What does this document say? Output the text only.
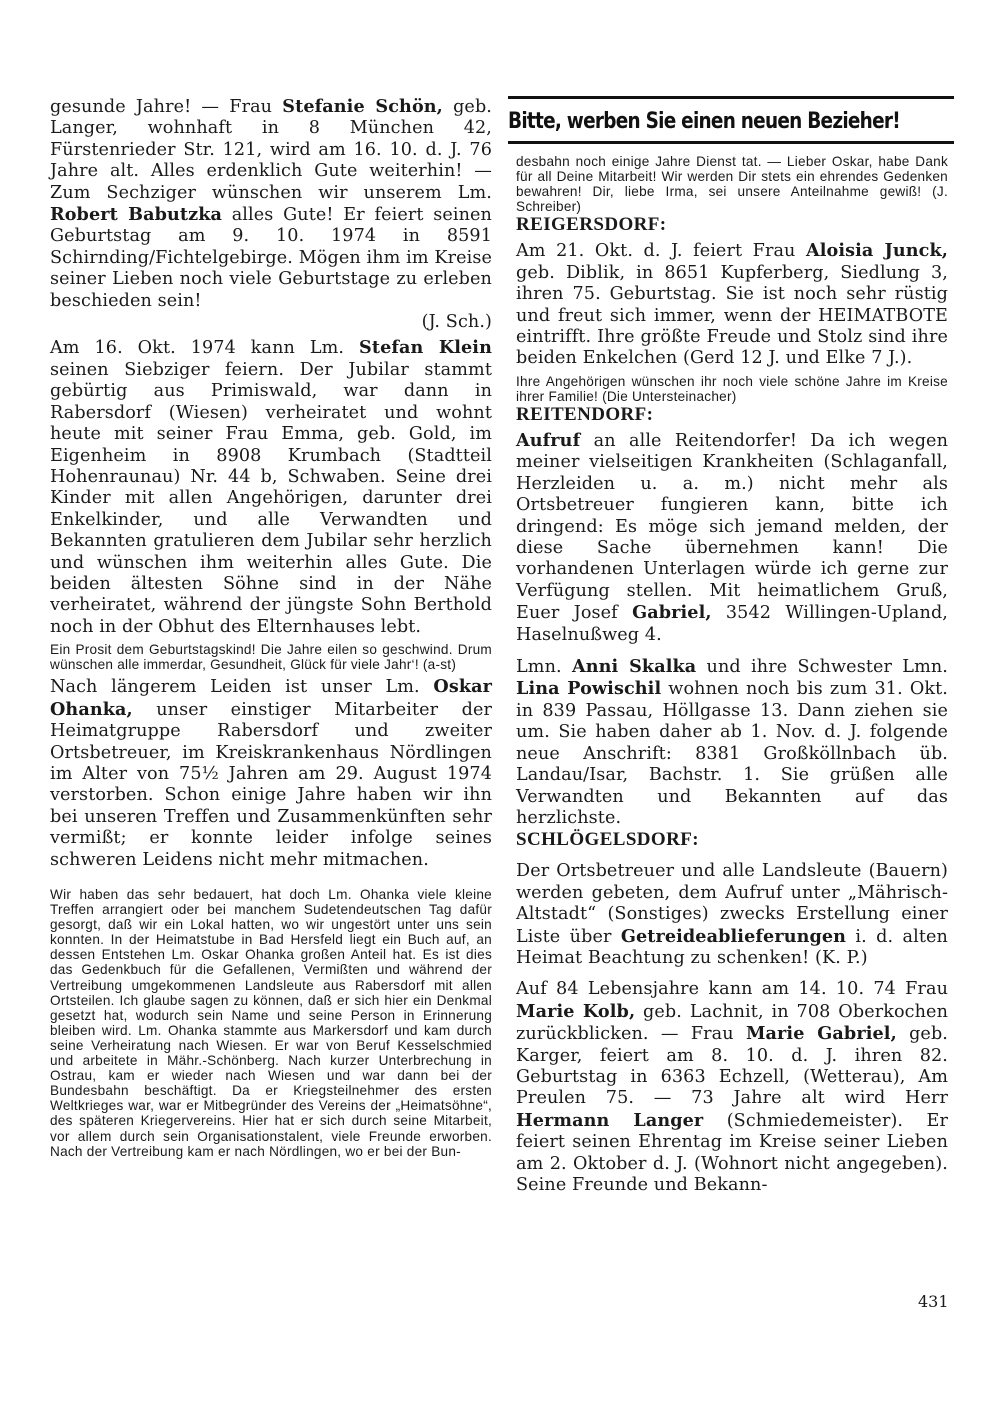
gesunde Jahre! — Frau Stefanie Schön, geb. Langer, wohnhaft in 8 München 42, Fürstenrieder Str. 121, wird am 16. 10. d. J. 76 Jahre alt. Alles erdenklich Gute weiterhin! — Zum Sechziger wünschen wir unserem Lm. Robert Babutzka alles Gute! Er feiert seinen Geburtstag am 9. 10. 1974 in 8591 Schirnding/Fichtelgebirge. Mögen ihm im Kreise seiner Lieben noch viele Geburtstage zu erleben beschieden sein!

(J. Sch.)

Am 16. Okt. 1974 kann Lm. Stefan Klein seinen Siebziger feiern. Der Jubilar stammt gebürtig aus Primiswald, war dann in Rabersdorf (Wiesen) verheiratet und wohnt heute mit seiner Frau Emma, geb. Gold, im Eigenheim in 8908 Krumbach (Stadtteil Hohenraunau) Nr. 44 b, Schwaben. Seine drei Kinder mit allen Angehörigen, darunter drei Enkelkinder, und alle Verwandten und Bekannten gratulieren dem Jubilar sehr herzlich und wünschen ihm weiterhin alles Gute. Die beiden ältesten Söhne sind in der Nähe verheiratet, während der jüngste Sohn Berthold noch in der Obhut des Elternhauses lebt.

Ein Prosit dem Geburtstagskind! Die Jahre eilen so geschwind. Drum wünschen alle immerdar, Gesundheit, Glück für viele Jahr‘! (a-st)

Nach längerem Leiden ist unser Lm. Oskar Ohanka, unser einstiger Mitarbeiter der Heimatgruppe Rabersdorf und zweiter Ortsbetreuer, im Kreiskrankenhaus Nördlingen im Alter von 75½ Jahren am 29. August 1974 verstorben. Schon einige Jahre haben wir ihn bei unseren Treffen und Zusammenkünften sehr vermißt; er konnte leider infolge seines schweren Leidens nicht mehr mitmachen.

Wir haben das sehr bedauert, hat doch Lm. Ohanka viele kleine Treffen arrangiert oder bei manchem Sudetendeutschen Tag dafür gesorgt, daß wir ein Lokal hatten, wo wir ungestört unter uns sein konnten. In der Heimatstube in Bad Hersfeld liegt ein Buch auf, an dessen Entstehen Lm. Oskar Ohanka großen Anteil hat. Es ist dies das Gedenkbuch für die Gefallenen, Vermißten und während der Vertreibung umgekommenen Landsleute aus Rabersdorf mit allen Ortsteilen. Ich glaube sagen zu können, daß er sich hier ein Denkmal gesetzt hat, wodurch sein Name und seine Person in Erinnerung bleiben wird. Lm. Ohanka stammte aus Markersdorf und kam durch seine Verheiratung nach Wiesen. Er war von Beruf Kesselschmied und arbeitete in Mähr.-Schönberg. Nach kurzer Unterbrechung in Ostrau, kam er wieder nach Wiesen und war dann bei der Bundesbahn beschäftigt. Da er Kriegsteilnehmer des ersten Weltkrieges war, war er Mitbegründer des Vereins der „Heimatsöhne“, des späteren Kriegervereins. Hier hat er sich durch seine Mitarbeit, vor allem durch sein Organisationstalent, viele Freunde erworben. Nach der Vertreibung kam er nach Nördlingen, wo er bei der Bun-

Bitte, werben Sie einen neuen Bezieher!

desbahn noch einige Jahre Dienst tat. — Lieber Oskar, habe Dank für all Deine Mitarbeit! Wir werden Dir stets ein ehrendes Gedenken bewahren! Dir, liebe Irma, sei unsere Anteilnahme gewiß! (J. Schreiber)

REIGERSDORF:

Am 21. Okt. d. J. feiert Frau Aloisia Junck, geb. Diblik, in 8651 Kupferberg, Siedlung 3, ihren 75. Geburtstag. Sie ist noch sehr rüstig und freut sich immer, wenn der HEIMATBOTE eintrifft. Ihre größte Freude und Stolz sind ihre beiden Enkelchen (Gerd 12 J. und Elke 7 J.).

Ihre Angehörigen wünschen ihr noch viele schöne Jahre im Kreise ihrer Familie! (Die Untersteinacher)

REITENDORF:

Aufruf an alle Reitendorfer! Da ich wegen meiner vielseitigen Krankheiten (Schlaganfall, Herzleiden u. a. m.) nicht mehr als Ortsbetreuer fungieren kann, bitte ich dringend: Es möge sich jemand melden, der diese Sache übernehmen kann! Die vorhandenen Unterlagen würde ich gerne zur Verfügung stellen. Mit heimatlichem Gruß, Euer Josef Gabriel, 3542 Willingen-Upland, Haselnußweg 4.

Lmn. Anni Skalka und ihre Schwester Lmn. Lina Powischil wohnen noch bis zum 31. Okt. in 839 Passau, Höllgasse 13. Dann ziehen sie um. Sie haben daher ab 1. Nov. d. J. folgende neue Anschrift: 8381 Großköllnbach üb. Landau/Isar, Bachstr. 1. Sie grüßen alle Verwandten und Bekannten auf das herzlichste.

SCHLÖGELSDORF:

Der Ortsbetreuer und alle Landsleute (Bauern) werden gebeten, dem Aufruf unter „Mährisch-Altstadt“ (Sonstiges) zwecks Erstellung einer Liste über Getreideablieferungen i. d. alten Heimat Beachtung zu schenken! (K. P.)

Auf 84 Lebensjahre kann am 14. 10. 74 Frau Marie Kolb, geb. Lachnit, in 708 Oberkochen zurückblicken. — Frau Marie Gabriel, geb. Karger, feiert am 8. 10. d. J. ihren 82. Geburtstag in 6363 Echzell, (Wetterau), Am Preulen 75. — 73 Jahre alt wird Herr Hermann Langer (Schmiedemeister). Er feiert seinen Ehrentag im Kreise seiner Lieben am 2. Oktober d. J. (Wohnort nicht angegeben). Seine Freunde und Bekann-

431
